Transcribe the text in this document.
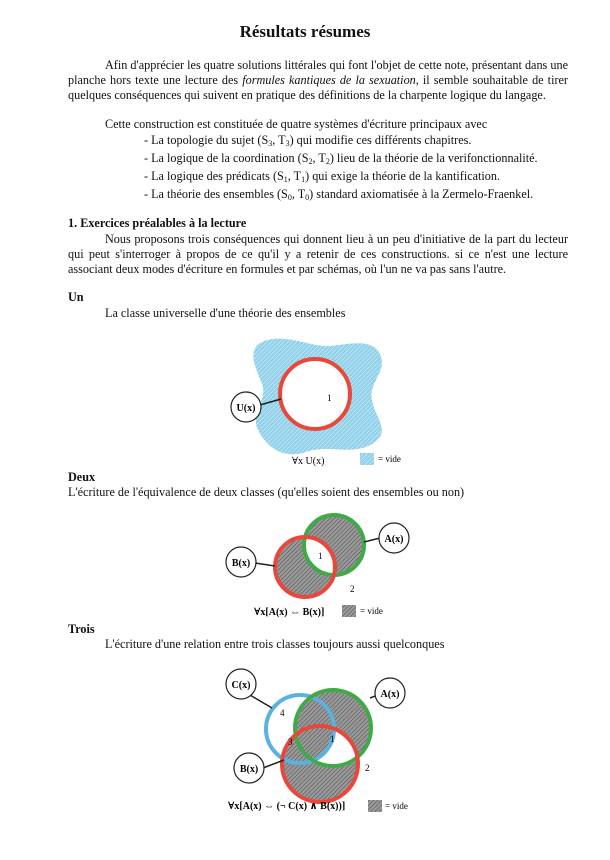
Résultats résumes

Afin d'apprécier les quatre solutions littérales qui font l'objet de cette note, présentant dans une planche hors texte une lecture des formules kantiques de la sexuation, il semble souhaitable de tirer quelques conséquences qui suivent en pratique des définitions de la charpente logique du langage.

Cette construction est constituée de quatre systèmes d'écriture principaux avec

- La topologie du sujet ($S_3$, $T_3$) qui modifie ces différents chapitres.

- La logique de la coordination ($S_2$, $T_2$) lieu de la théorie de la verifonctionnalité.

- La logique des prédicats ($S_1$, $T_1$) qui exige la théorie de la kantification.

- La théorie des ensembles ($S_0$, $T_0$) standard axiomatisée à la Zermelo-Fraenkel.

1. Exercices préalables à la lecture

Nous proposons trois conséquences qui donnent lieu à un peu d'initiative de la part du lecteur qui peut s'interroger à propos de ce qu'il y a retenir de ces constructions. si ce n'est une lecture associant deux modes d'écriture en formules et par schémas, où l'un ne va pas sans l'autre.

Un

La classe universelle d'une théorie des ensembles

1
U(x)
∀x U(x)	= vide

Deux

L'écriture de l'équivalence de deux classes (qu'elles soient des ensembles ou non)

1
2
A(x)
B(x)
∀x[A(x) ⇔ B(x)]	= vide

Trois

L'écriture d'une relation entre trois classes toujours aussi quelconques

4
3	1
2
C(x)
A(x)
B(x)
∀x[A(x) ⇔ (¬ C(x) ∧ B(x))]	= vide
